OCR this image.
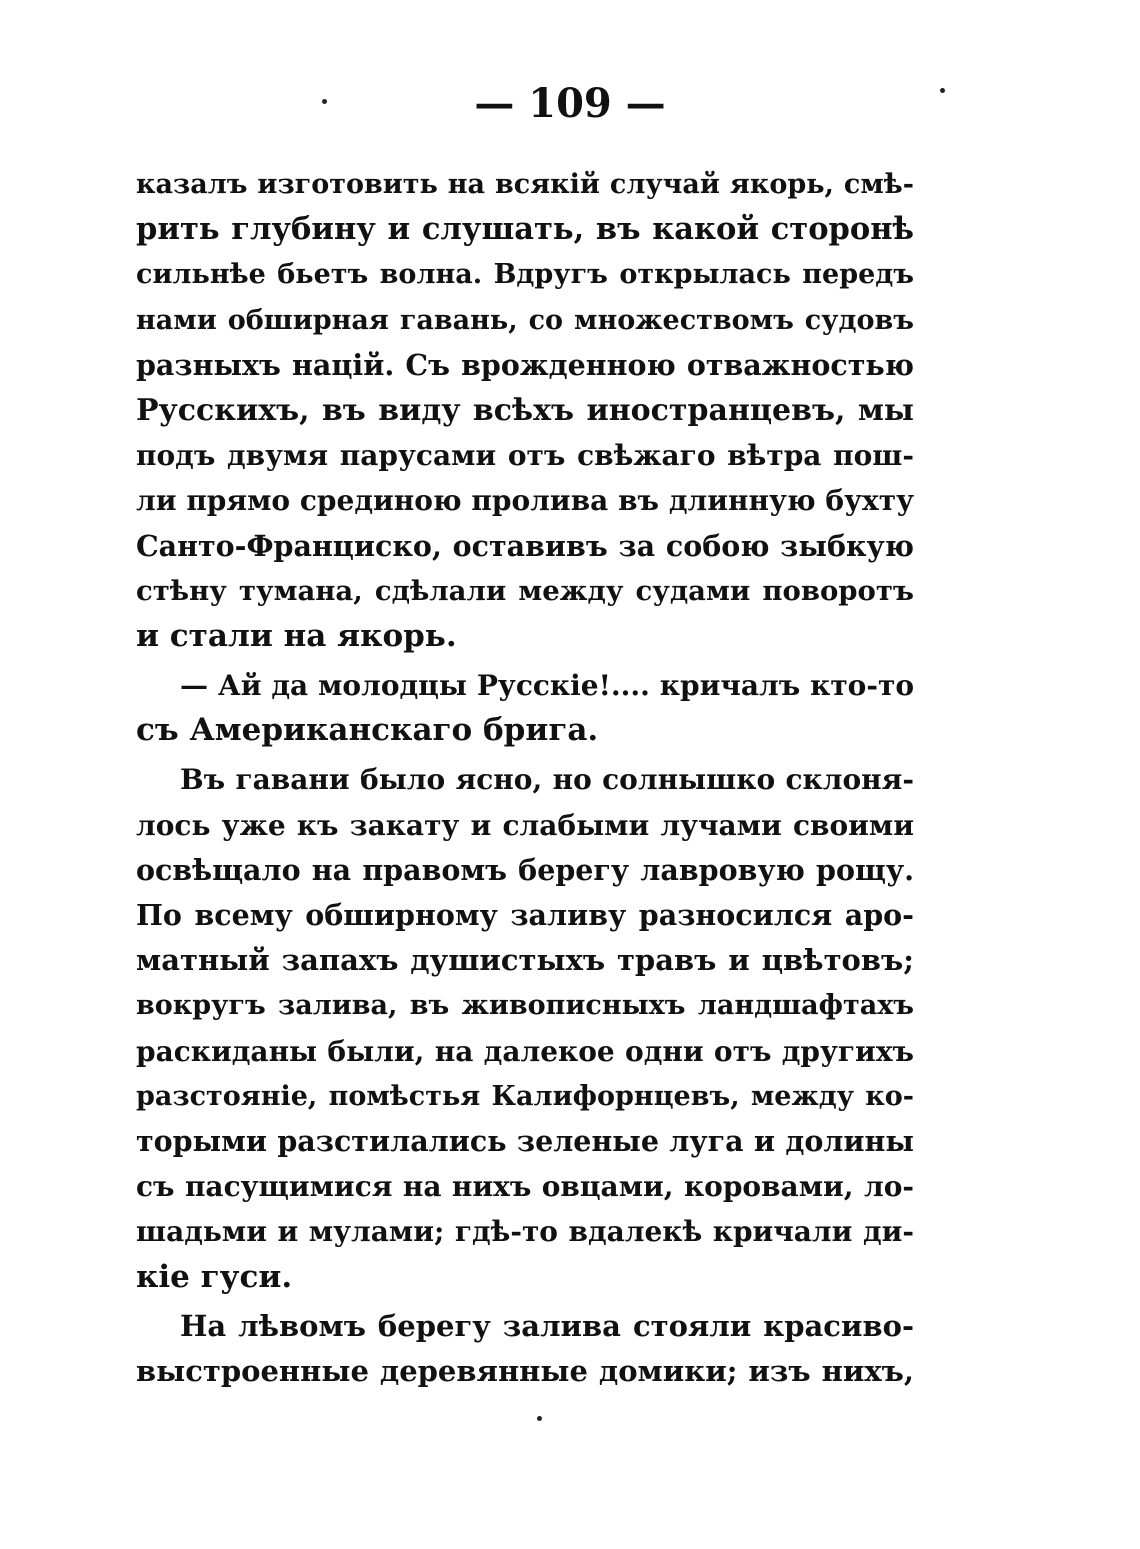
— 109 —
казалъ изготовить на всякій случай якорь, смѣ-
рить глубину и слушать, въ какой сторонѣ
сильнѣе бьетъ волна. Вдругъ открылась передъ
нами обширная гавань, со множествомъ судовъ
разныхъ націй. Съ врожденною отважностью
Русскихъ, въ виду всѣхъ иностранцевъ, мы
подъ двумя парусами отъ свѣжаго вѣтра пош-
ли прямо срединою пролива въ длинную бухту
Санто-Франциско, оставивъ за собою зыбкую
стѣну тумана, сдѣлали между судами поворотъ
и стали на якорь.
— Ай да молодцы Русскіе!.... кричалъ кто-то
съ Американскаго брига.
Въ гавани было ясно, но солнышко склоня-
лось уже къ закату и слабыми лучами своими
освѣщало на правомъ берегу лавровую рощу.
По всему обширному заливу разносился аро-
матный запахъ душистыхъ травъ и цвѣтовъ;
вокругъ залива, въ живописныхъ ландшафтахъ
раскиданы были, на далекое одни отъ другихъ
разстояніе, помѣстья Калифорнцевъ, между ко-
торыми разстилались зеленые луга и долины
съ пасущимися на нихъ овцами, коровами, ло-
шадьми и мулами; гдѣ-то вдалекѣ кричали ди-
кіе гуси.
На лѣвомъ берегу залива стояли красиво-
выстроенные деревянные домики; изъ нихъ,
